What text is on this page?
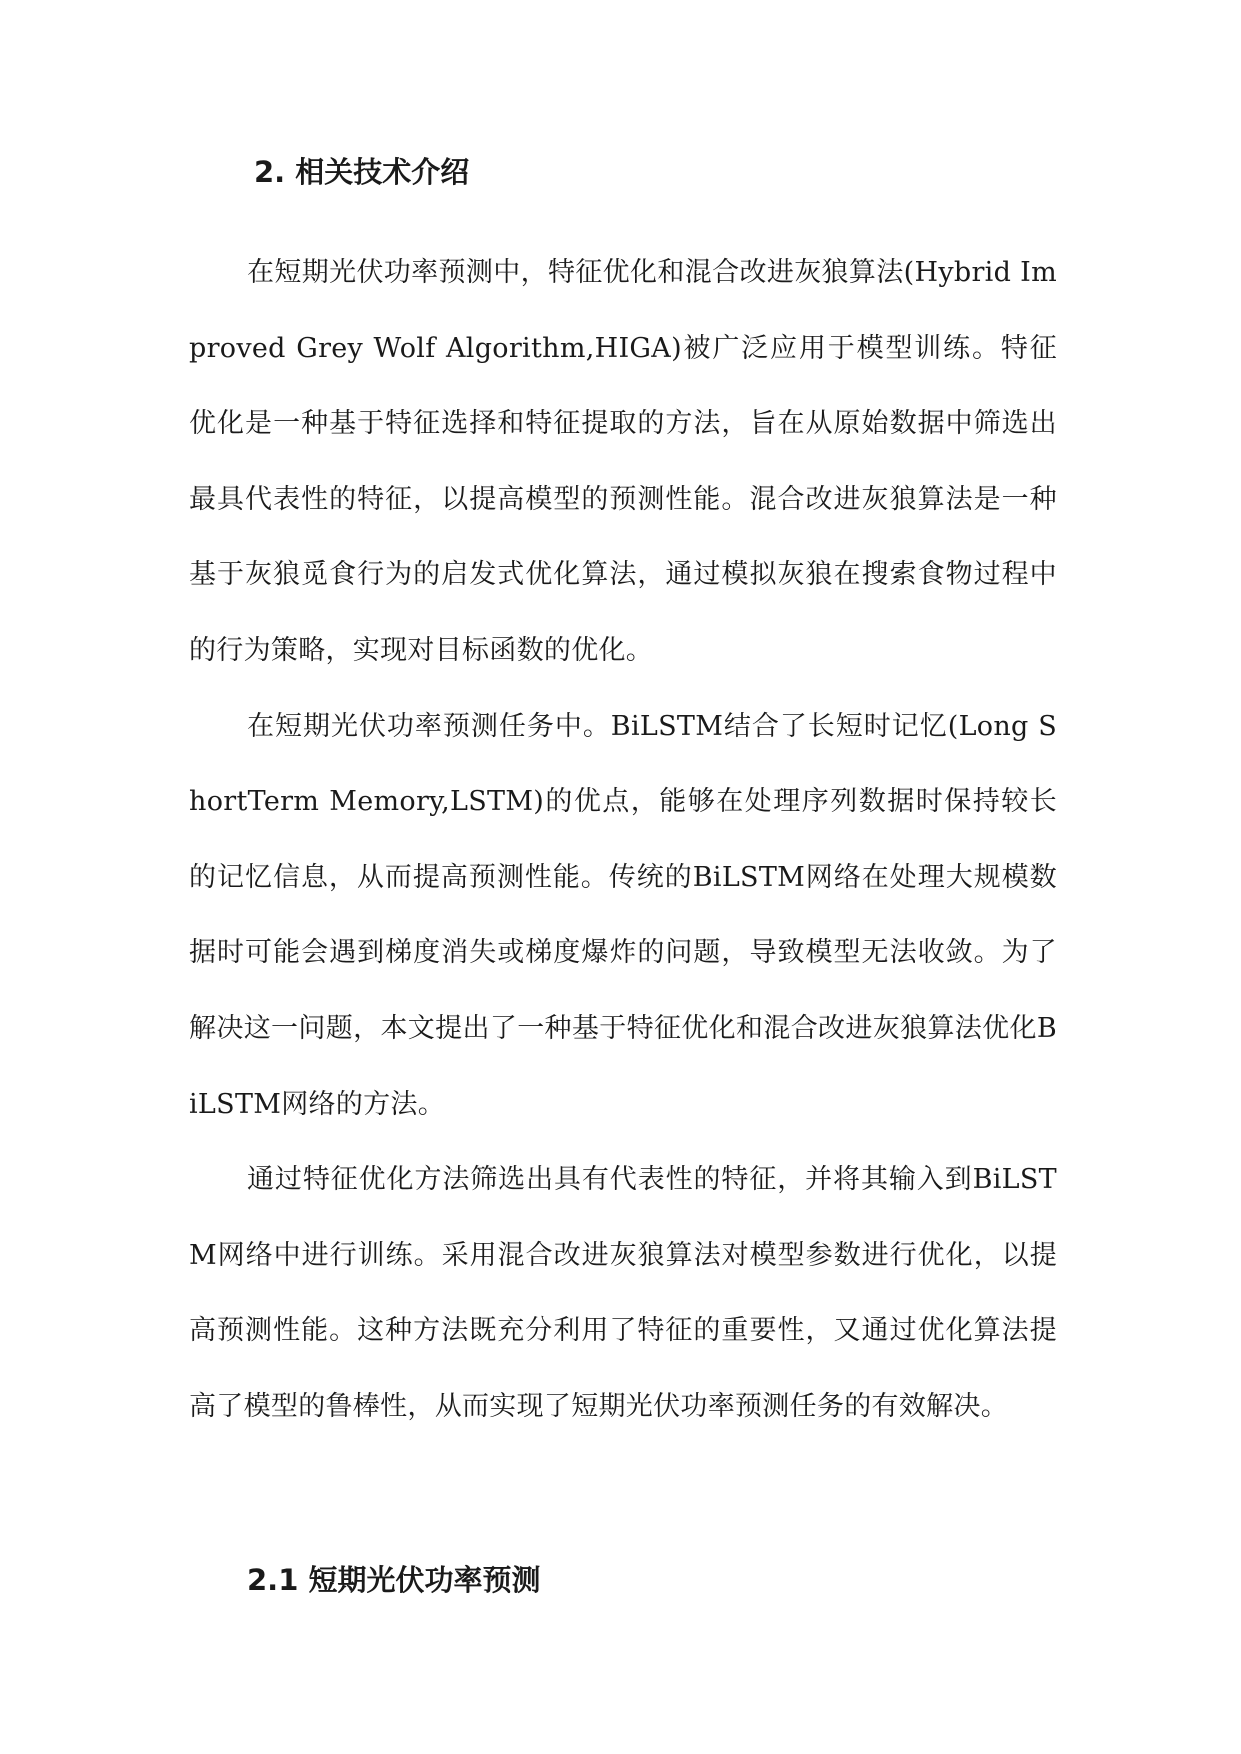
2. 相关技术介绍

在短期光伏功率预测中，特征优化和混合改进灰狼算法(Hybrid Improved Grey Wolf Algorithm,HIGA)被广泛应用于模型训练。特征优化是一种基于特征选择和特征提取的方法，旨在从原始数据中筛选出最具代表性的特征，以提高模型的预测性能。混合改进灰狼算法是一种基于灰狼觅食行为的启发式优化算法，通过模拟灰狼在搜索食物过程中的行为策略，实现对目标函数的优化。

在短期光伏功率预测任务中。BiLSTM结合了长短时记忆(Long ShortTerm Memory,LSTM)的优点，能够在处理序列数据时保持较长的记忆信息，从而提高预测性能。传统的BiLSTM网络在处理大规模数据时可能会遇到梯度消失或梯度爆炸的问题，导致模型无法收敛。为了解决这一问题，本文提出了一种基于特征优化和混合改进灰狼算法优化BiLSTM网络的方法。

通过特征优化方法筛选出具有代表性的特征，并将其输入到BiLSTM网络中进行训练。采用混合改进灰狼算法对模型参数进行优化，以提高预测性能。这种方法既充分利用了特征的重要性，又通过优化算法提高了模型的鲁棒性，从而实现了短期光伏功率预测任务的有效解决。

2.1 短期光伏功率预测
